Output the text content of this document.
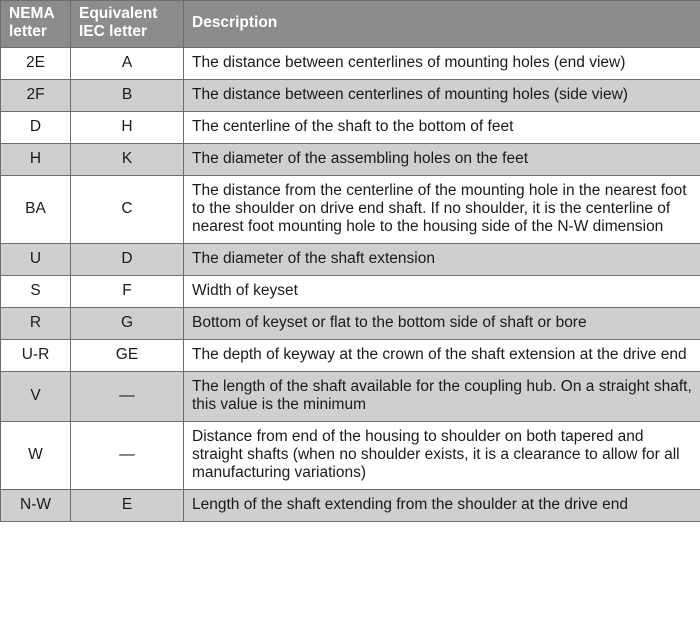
NEMA letter	Equivalent IEC letter	Description
2E	A	The distance between centerlines of mounting holes (end view)
2F	B	The distance between centerlines of mounting holes (side view)
D	H	The centerline of the shaft to the bottom of feet
H	K	The diameter of the assembling holes on the feet
BA	C	The distance from the centerline of the mounting hole in the nearest foot to the shoulder on drive end shaft. If no shoulder, it is the centerline of nearest foot mounting hole to the housing side of the N-W dimension
U	D	The diameter of the shaft extension
S	F	Width of keyset
R	G	Bottom of keyset or flat to the bottom side of shaft or bore
U-R	GE	The depth of keyway at the crown of the shaft extension at the drive end
V	—	The length of the shaft available for the coupling hub. On a straight shaft, this value is the minimum
W	—	Distance from end of the housing to shoulder on both tapered and straight shafts (when no shoulder exists, it is a clearance to allow for all manufacturing variations)
N-W	E	Length of the shaft extending from the shoulder at the drive end
